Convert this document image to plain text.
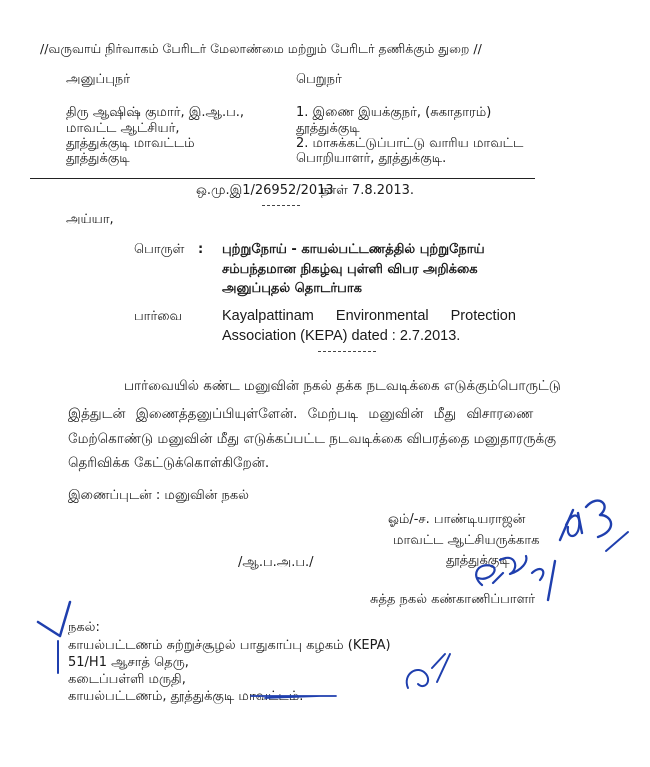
//வருவாய் நிர்வாகம் பேரிடர் மேலாண்மை மற்றும் பேரிடர் தணிக்கும் துறை //
அனுப்புநர்
திரு ஆஷிஷ் குமார், இ.ஆ.ப.,
மாவட்ட ஆட்சியர்,
தூத்துக்குடி மாவட்டம்
தூத்துக்குடி
பெறுநர்
1. இணை இயக்குநர், (சுகாதாரம்)
தூத்துக்குடி
2. மாசுக்கட்டுப்பாட்டு வாரிய மாவட்ட
பொறியாளர், தூத்துக்குடி.
ஒ.மு.இ1/26952/2013
நாள் 7.8.2013.
அய்யா,
பொருள் : புற்றுநோய் - காயல்பட்டணத்தில் புற்றுநோய்
சம்பந்தமான நிகழ்வு புள்ளி விபர அறிக்கை
அனுப்புதல் தொடர்பாக
பார்வை	Kayalpattinam Environmental Protection
Association (KEPA) dated : 2.7.2013.
பார்வையில் கண்ட மனுவின் நகல் தக்க நடவடிக்கை எடுக்கும்பொருட்டு
இத்துடன் இணைத்தனுப்பியுள்ளேன். மேற்படி மனுவின் மீது விசாரணை
மேற்கொண்டு மனுவின் மீது எடுக்கப்பட்ட நடவடிக்கை விபரத்தை மனுதாரருக்கு
தெரிவிக்க கேட்டுக்கொள்கிறேன்.
இணைப்புடன் : மனுவின் நகல்
ஓம்/-ச. பாண்டியராஜன்
மாவட்ட ஆட்சியருக்காக
தூத்துக்குடி
/ஆ.ப.அ.ப./
சுத்த நகல் கண்காணிப்பாளர்
நகல்:
காயல்பட்டணம் சுற்றுச்சூழல் பாதுகாப்பு கழகம் (KEPA)
51/H1 ஆசாத் தெரு,
கடைப்பள்ளி மருதி,
காயல்பட்டணம், தூத்துக்குடி மாவட்டம்.
